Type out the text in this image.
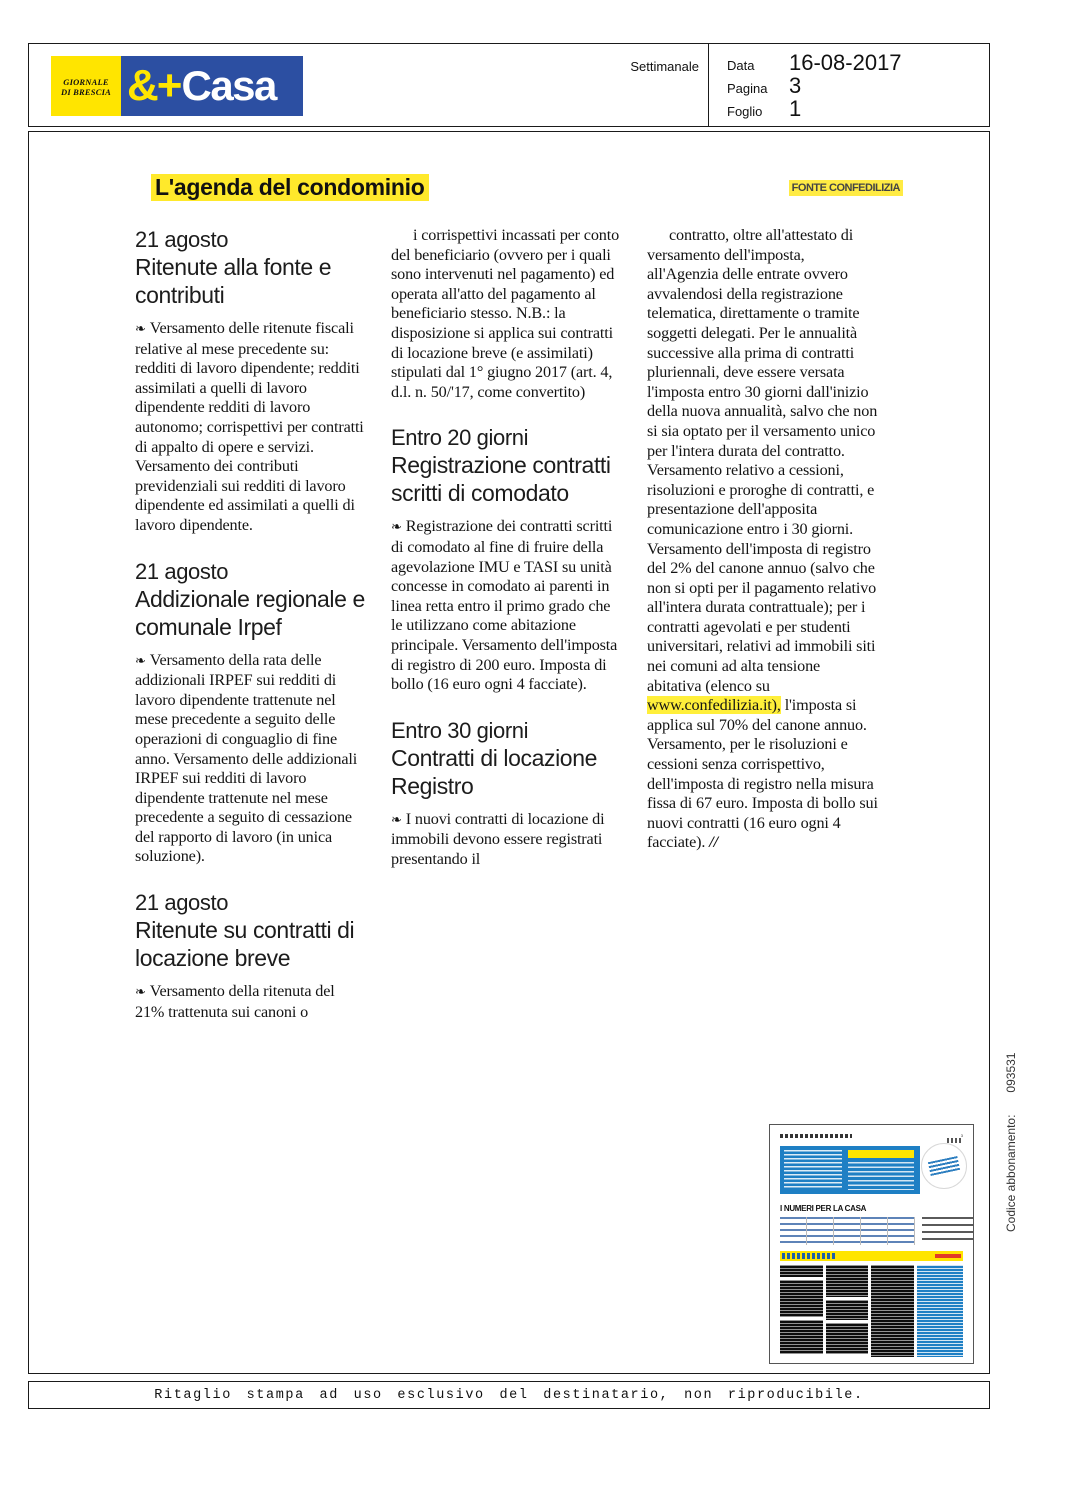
GIORNALE
DI BRESCIA &+ Casa	Settimanale Data	16-08-2017
Pagina 3
Foglio	1
L'agenda del condominio	FONTE CONFEDILIZIA
21 agosto
Ritenute alla fonte e contributi
❧ Versamento delle ritenute fiscali relative al mese precedente su: redditi di lavoro dipendente; redditi assimilati a quelli di lavoro dipendente redditi di lavoro autonomo; corrispettivi per contratti di appalto di opere e servizi. Versamento dei contributi previdenziali sui redditi di lavoro dipendente ed assimilati a quelli di lavoro dipendente.
21 agosto
Addizionale regionale e comunale Irpef
❧ Versamento della rata delle addizionali IRPEF sui redditi di lavoro dipendente trattenute nel mese precedente a seguito delle operazioni di conguaglio di fine anno. Versamento delle addizionali IRPEF sui redditi di lavoro dipendente trattenute nel mese precedente a seguito di cessazione del rapporto di lavoro (in unica soluzione).
21 agosto
Ritenute su contratti di locazione breve
❧ Versamento della ritenuta del 21% trattenuta sui canoni o
i corrispettivi incassati per conto del beneficiario (ovvero per i quali sono intervenuti nel pagamento) ed operata all'atto del pagamento al beneficiario stesso. N.B.: la disposizione si applica sui contratti di locazione breve (e assimilati) stipulati dal 1° giugno 2017 (art. 4, d.l. n. 50/'17, come convertito)
Entro 20 giorni
Registrazione contratti scritti di comodato
❧ Registrazione dei contratti scritti di comodato al fine di fruire della agevolazione IMU e TASI su unità concesse in comodato ai parenti in linea retta entro il primo grado che le utilizzano come abitazione principale. Versamento dell'imposta di registro di 200 euro. Imposta di bollo (16 euro ogni 4 facciate).
Entro 30 giorni
Contratti di locazione Registro
❧ I nuovi contratti di locazione di immobili devono essere registrati presentando il
contratto, oltre all'attestato di versamento dell'imposta, all'Agenzia delle entrate ovvero avvalendosi della registrazione telematica, direttamente o tramite soggetti delegati. Per le annualità successive alla prima di contratti pluriennali, deve essere versata l'imposta entro 30 giorni dall'inizio della nuova annualità, salvo che non si sia optato per il versamento unico per l'intera durata del contratto. Versamento relativo a cessioni, risoluzioni e proroghe di contratti, e presentazione dell'apposita comunicazione entro i 30 giorni. Versamento dell'imposta di registro del 2% del canone annuo (salvo che non si opti per il pagamento relativo all'intera durata contrattuale); per i contratti agevolati e per studenti universitari, relativi ad immobili siti nei comuni ad alta tensione abitativa (elenco su www.confedilizia.it), l'imposta si applica sul 70% del canone annuo. Versamento, per le risoluzioni e cessioni senza corrispettivo, dell'imposta di registro nella misura fissa di 67 euro. Imposta di bollo sui nuovi contratti (16 euro ogni 4 facciate). //
3
I NUMERI PER LA CASA
Ritaglio stampa ad uso esclusivo del destinatario, non riproducibile.
Codice abbonamento:093531
